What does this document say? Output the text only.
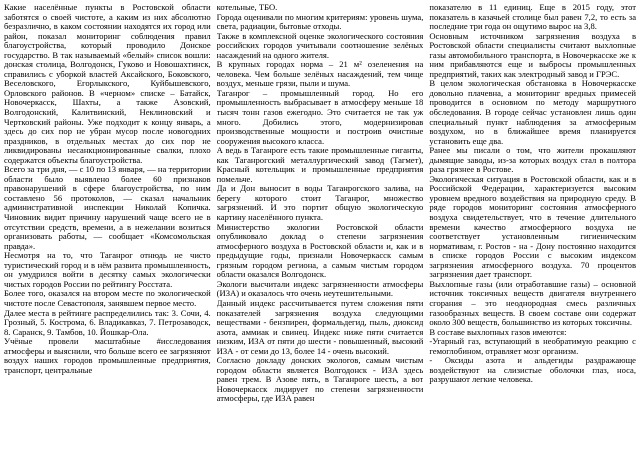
Какие населённые пункты в Ростовской области заботятся о своей чистоте, а каким из них абсолютно безразлично, в каком состоянии находятся их город или район, показал мониторинг соблюдения правил благоустройства, который проводило Донское государство. В так называемый «белый» список вошли: донская столица, Волгодонск, Гуково и Новошахтинск, справились с уборкой властей Аксайского, Боковского, Веселовского, Егорлыкского, Куйбышевского, Орловского районов. В «черном» списке – Батайск, Новочеркасск, Шахты, а также Азовский, Волгодонский, Калитвинский, Неклиновский и Чертковский районы. Уже подходит к концу январь, а здесь до сих пор не убран мусор после новогодних праздников, в отдельных местах до сих пор не ликвидированы несанкционированные свалки, плохо содержатся объекты благоустройства.

Всего за три дня, — с 10 по 13 января, — на территории области было выявлено более 60 признаков правонарушений в сфере благоустройства, по ним составлено 56 протоколов, — сказал начальник административной инспекции Николай Копичка. Чиновник видит причину нарушений чаще всего не в отсутствии средств, времени, а в нежелании возиться организовать работы, — сообщает «Комсомольская правда».

Несмотря на то, что Таганрог отнюдь не чисто туристический город и в нём развита промышленность, он умудрился войти в десятку самых экологически чистых городов России по рейтингу Росстата.

Более того, оказался на втором месте по экологической чистоте после Севастополя, занявшем первое место.

Далее места в рейтинге распределились так: 3. Сочи, 4. Грозный, 5. Кострома, 6. Владикавказ, 7. Петрозаводск, 8. Саранск, 9. Тамбов, 10. Йошкар-Ола.

Учёные провели масштабные #исследования атмосферы и выяснили, что больше всего ее загрязняют воздух наших городов промышленные предприятия, транспорт, центральные

котельные, ТБО.

Города оценивали по многим критериям: уровень шума, света, радиации, бытовые отходы.

Также в комплексной оценке экологического состояния российских городов учитывали соотношение зелёных насаждений на одного жителя.

В крупных городах норма – 21 м² озеленения на человека. Чем больше зелёных насаждений, тем чище воздух, меньше грязи, пыли и шума.

Таганрог – промышленный город. Но его промышленность выбрасывает в атмосферу меньше 18 тысяч тонн газов ежегодно. Это считается не так уж много. Добились этого, модернизировав производственные мощности и построив очистные сооружения высокого класса.

А ведь в Таганроге есть такие промышленные гиганты, как Таганрогский металлургический завод (Тагмет), Красный котельщик и промышленные предприятия помельче.

Да и Дон выносит в воды Таганрогского залива, на берегу которого стоит Таганрог, множество загрязнений. И это портит общую экологическую картину населённого пункта.

Министерство экологии Ростовской области опубликовало доклад о степени загрязнения атмосферного воздуха в Ростовской области и, как и в предыдущие годы, признали Новочеркасск самым грязным городом региона, а самым чистым городом области оказался Волгодонск.

Экологи высчитали индекс загрязненности атмосферы (ИЗА) и оказалось что очень неутешительными.

Данный индекс рассчитывается путем сложения пяти показателей загрязнения воздуха следующими веществами - бензпирен, формальдегид, пыль, диоксид азота, аммиак и свинец. Индекс ниже пяти считается низким, ИЗА от пяти до шести - повышенный, высокий ИЗА - от семи до 13, более 14 - очень высокий.

Согласно докладу донских экологов, самым чистым городом области является Волгодонск - ИЗА здесь равен трем. В Азове пять, в Таганроге шесть, а вот Новочеркасск лидирует по степени загрязненности атмосферы, где ИЗА равен

показателю в 11 единиц. Еще в 2015 году, этот показатель в казачьей столице был равен 7,2, то есть за последние три года он ощутимо вырос на 3,8.

Основным источником загрязнения воздуха в Ростовской области специалисты считают выхлопные газы автомобильного транспорта, в Новочеркасске же к ним прибавляются еще и выбросы промышленных предприятий, таких как электродный завод и ГРЭС.

В целом экологическая обстановка в Новочеркасске довольно плачевна, а мониторинг вредных примесей проводится в основном по методу маршрутного обследования. В городе сейчас установлен лишь один специальный пункт наблюдения за атмосферным воздухом, но в ближайшее время планируется установить еще два.

Ранее мы писали о том, что жители прокашляют дымящие заводы, из-за которых воздух стал в полтора раза грязнее в Ростове.

Экологическая ситуация в Ростовской области, как и в Российской Федерации, характеризуется высоким уровнем вредного воздействия на природную среду. В ряде городов мониторинг состояния атмосферного воздуха свидетельствует, что в течение длительного времени качество атмосферного воздуха не соответствует установленным гигиеническим нормативам, г. Ростов - на - Дону постоянно находится в списке городов России с высоким индексом загрязнения атмосферного воздуха. 70 процентов загрязнения дает транспорт.

Выхлопные газы (или отработавшие газы) – основной источник токсичных веществ двигателя внутреннего сгорания – это неоднородная смесь различных газообразных веществ. В своем составе они содержат около 300 веществ, большинство из которых токсичны.

В составе выхлопных газов имеются:

-Угарный газ, вступающий в необратимую реакцию с гемоглобином, отравляет мозг организм.

- Оксиды азота и альдегиды раздражающе воздействуют на слизистые оболочки глаз, носа, разрушают легкие человека.
